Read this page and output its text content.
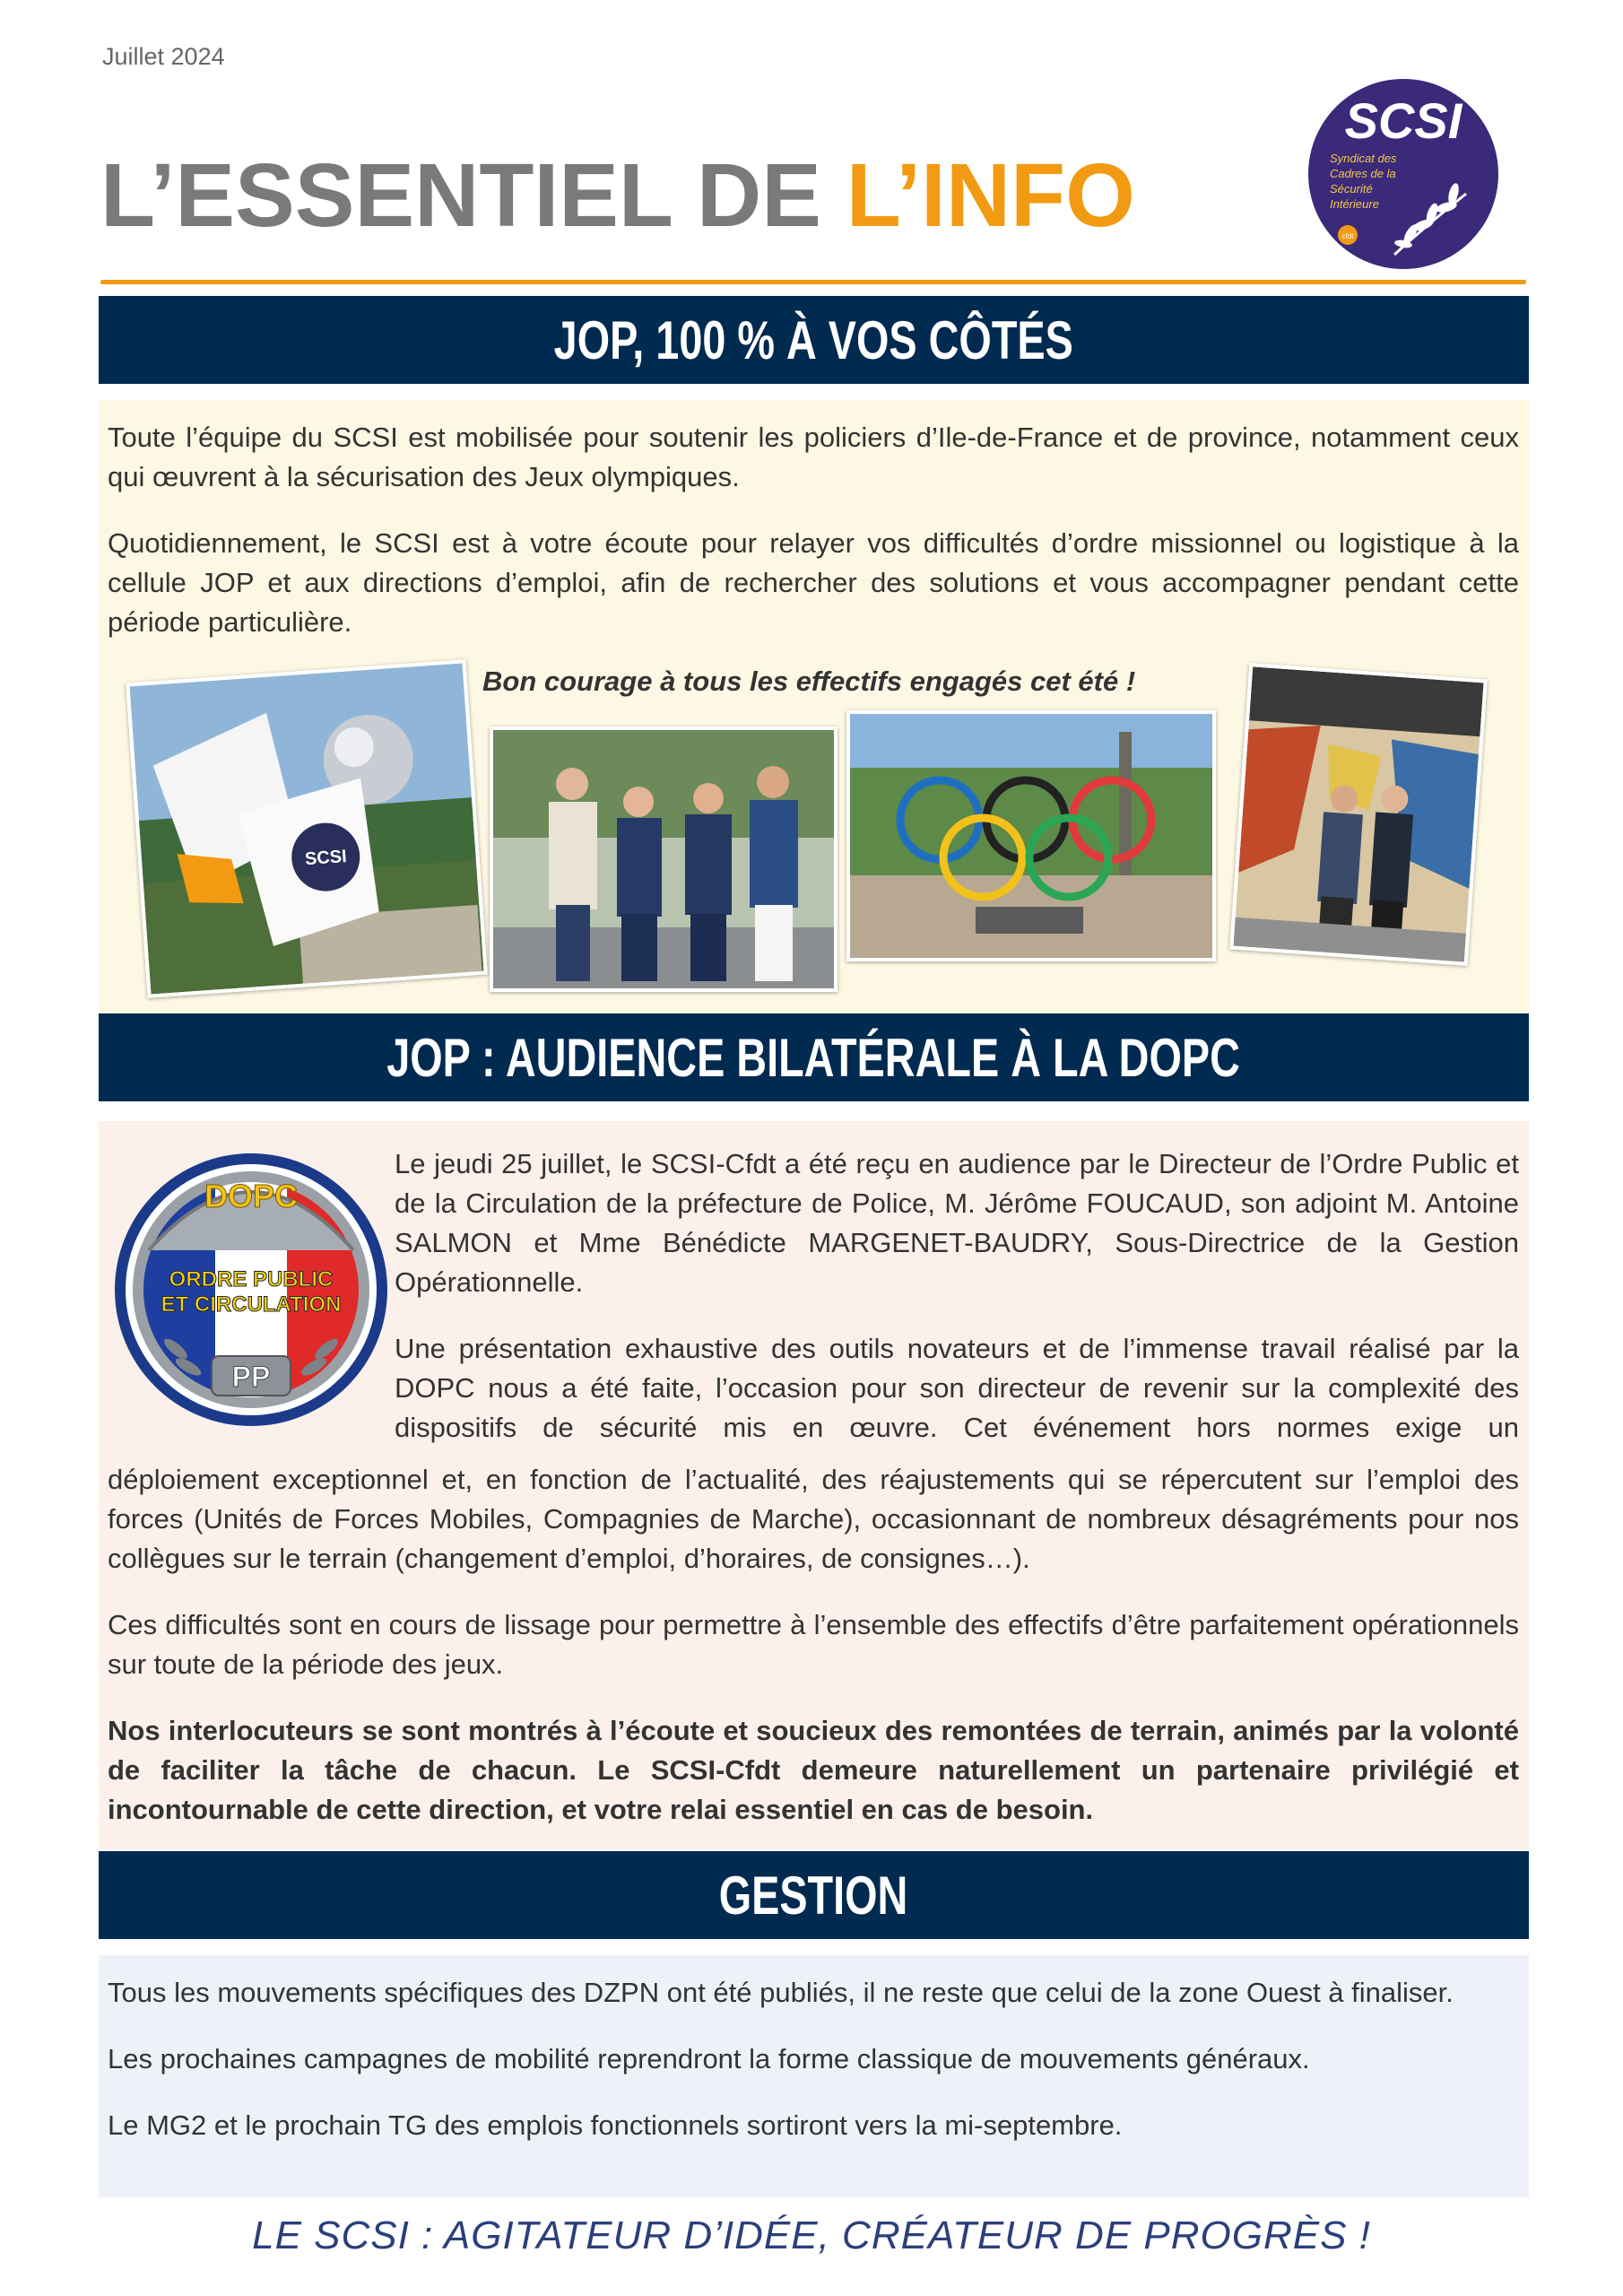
Juillet 2024
L’ESSENTIEL DE L’INFO
SCSI
Syndicat des
Cadres de la
Sécurité
Intérieure
cfdt
JOP, 100 % À VOS CÔTÉS

Toute l’équipe du SCSI est mobilisée pour soutenir les policiers d’Ile-de-France et de province, notamment ceux qui œuvrent à la sécurisation des Jeux olympiques.

Quotidiennement, le SCSI est à votre écoute pour relayer vos difficultés d’ordre missionnel ou logistique à la cellule JOP et aux directions d’emploi, afin de rechercher des solutions et vous accompagner pendant cette période particulière.

Bon courage à tous les effectifs engagés cet été !
SCSI
JOP : AUDIENCE BILATÉRALE À LA DOPC
DOPC
ORDRE PUBLIC
ET CIRCULATION
PP

Le jeudi 25 juillet, le SCSI-Cfdt a été reçu en audience par le Directeur de l’Ordre Public et de la Circulation de la préfecture de Police, M. Jérôme FOUCAUD, son adjoint M. Antoine SALMON et Mme Bénédicte MARGENET-BAUDRY, Sous-Directrice de la Gestion Opérationnelle.

Une présentation exhaustive des outils novateurs et de l’immense travail réalisé par la DOPC nous a été faite, l’occasion pour son directeur de revenir sur la complexité des dispositifs de sécurité mis en œuvre. Cet événement hors normes exige un

déploiement exceptionnel et, en fonction de l’actualité, des réajustements qui se répercutent sur l’emploi des forces (Unités de Forces Mobiles, Compagnies de Marche), occasionnant de nombreux désagréments pour nos collègues sur le terrain (changement d’emploi, d’horaires, de consignes…).

Ces difficultés sont en cours de lissage pour permettre à l’ensemble des effectifs d’être parfaitement opérationnels sur toute de la période des jeux.

Nos interlocuteurs se sont montrés à l’écoute et soucieux des remontées de terrain, animés par la volonté de faciliter la tâche de chacun. Le SCSI-Cfdt demeure naturellement un partenaire privilégié et incontournable de cette direction, et votre relai essentiel en cas de besoin.

GESTION

Tous les mouvements spécifiques des DZPN ont été publiés, il ne reste que celui de la zone Ouest à finaliser.

Les prochaines campagnes de mobilité reprendront la forme classique de mouvements généraux.

Le MG2 et le prochain TG des emplois fonctionnels sortiront vers la mi-septembre.

LE SCSI : AGITATEUR D’IDÉE, CRÉATEUR DE PROGRÈS !
